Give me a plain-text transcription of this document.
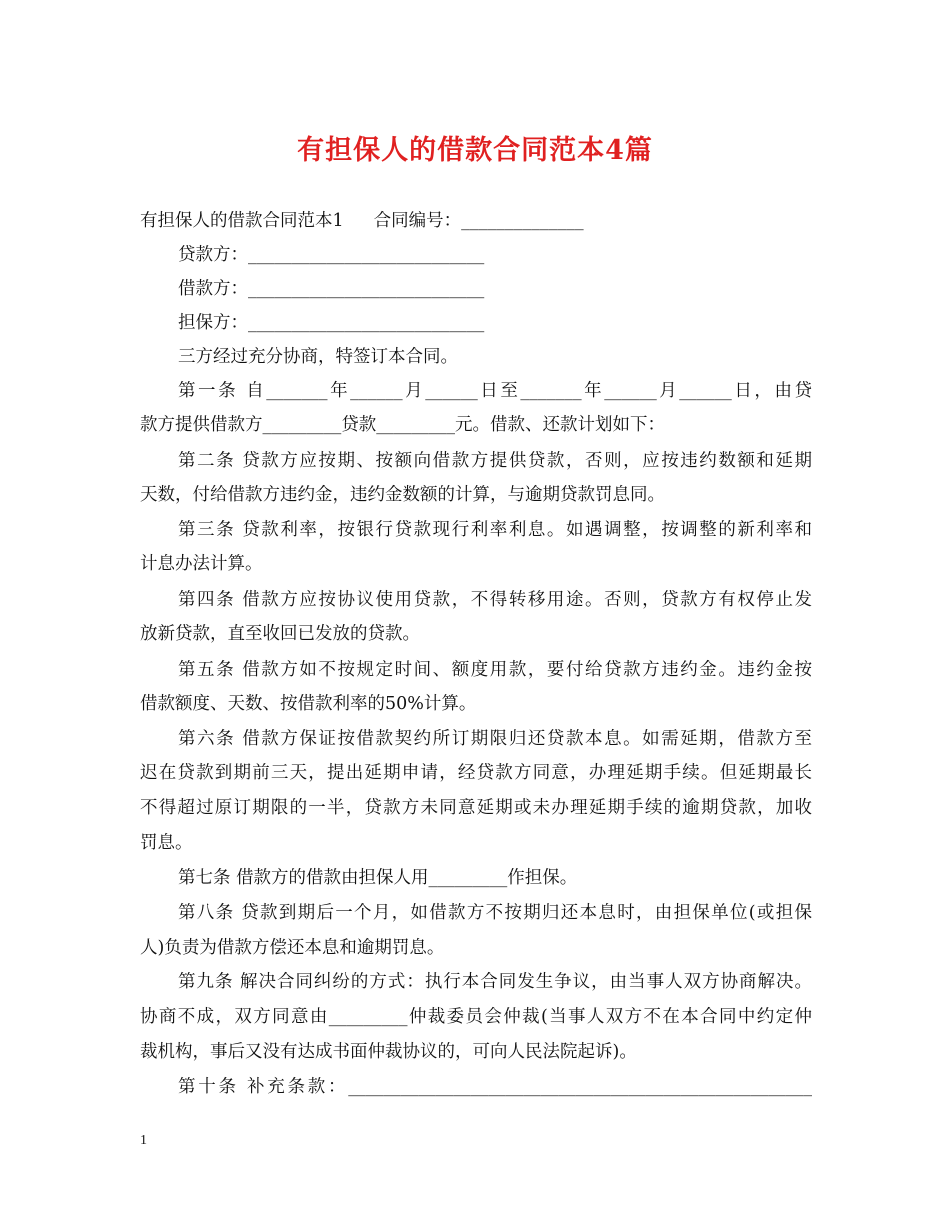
有担保人的借款合同范本4篇
有担保人的借款合同范本1 合同编号：______________
贷款方：___________________________
借款方：___________________________
担保方：___________________________
三方经过充分协商，特签订本合同。
第一条 自_______年______月______日至_______年______月______日，由贷
款方提供借款方_________贷款_________元。借款、还款计划如下：
第二条 贷款方应按期、按额向借款方提供贷款，否则，应按违约数额和延期
天数，付给借款方违约金，违约金数额的计算，与逾期贷款罚息同。
第三条 贷款利率，按银行贷款现行利率利息。如遇调整，按调整的新利率和
计息办法计算。
第四条 借款方应按协议使用贷款，不得转移用途。否则，贷款方有权停止发
放新贷款，直至收回已发放的贷款。
第五条 借款方如不按规定时间、额度用款，要付给贷款方违约金。违约金按
借款额度、天数、按借款利率的50%计算。
第六条 借款方保证按借款契约所订期限归还贷款本息。如需延期，借款方至
迟在贷款到期前三天，提出延期申请，经贷款方同意，办理延期手续。但延期最长
不得超过原订期限的一半，贷款方未同意延期或未办理延期手续的逾期贷款，加收
罚息。
第七条 借款方的借款由担保人用_________作担保。
第八条 贷款到期后一个月，如借款方不按期归还本息时，由担保单位(或担保
人)负责为借款方偿还本息和逾期罚息。
第九条 解决合同纠纷的方式：执行本合同发生争议，由当事人双方协商解决。
协商不成，双方同意由_________仲裁委员会仲裁(当事人双方不在本合同中约定仲
裁机构，事后又没有达成书面仲裁协议的，可向人民法院起诉)。
第十条 补充条款：_____________________________________________________
1
